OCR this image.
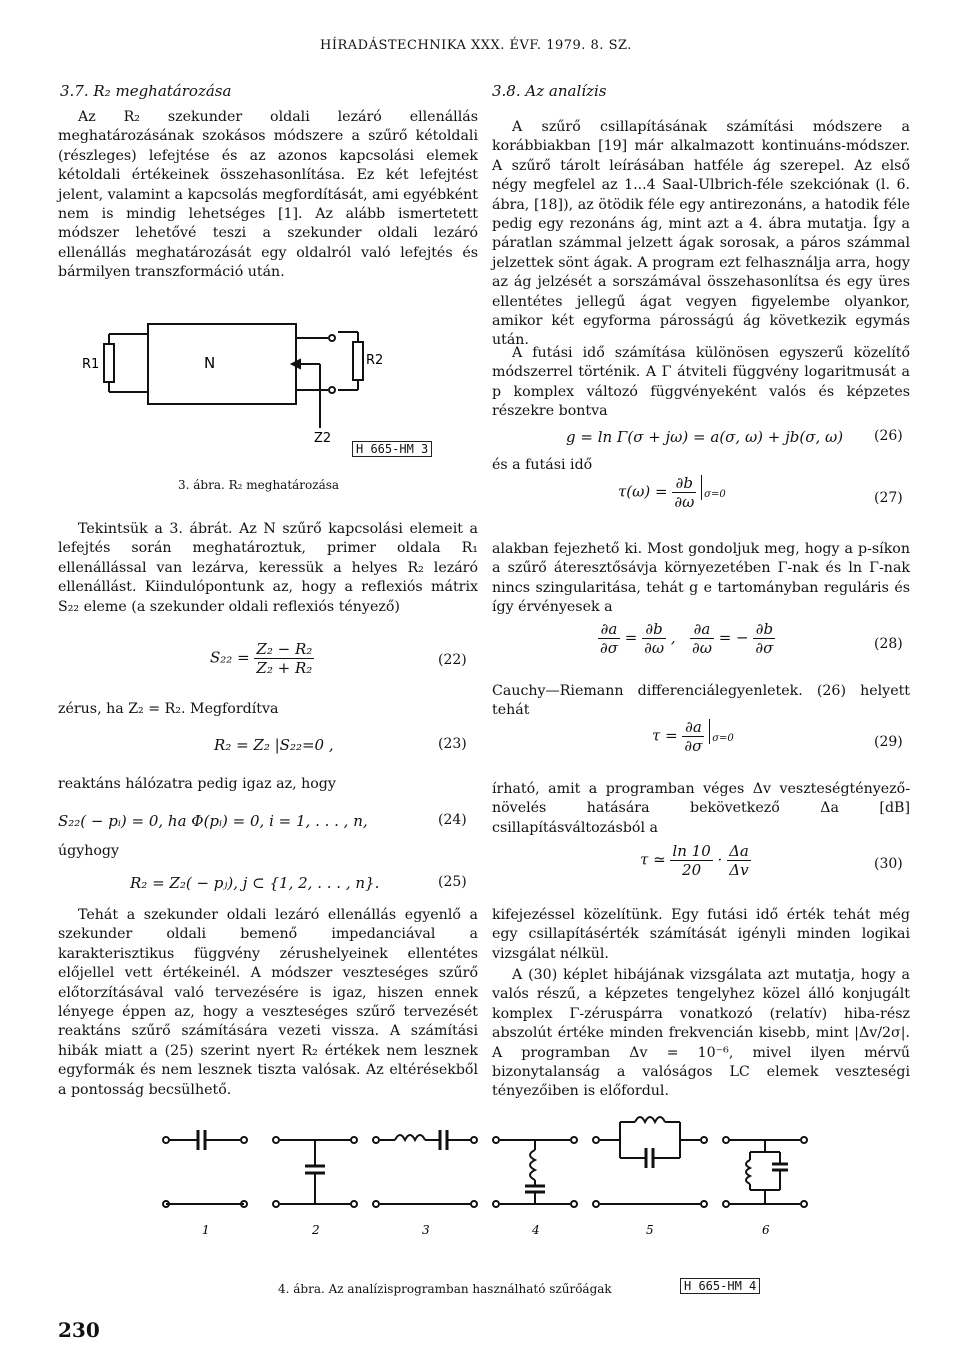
HÍRADÁSTECHNIKA XXX. ÉVF. 1979. 8. SZ.
3.7. R₂ meghatározása

Az R₂ szekunder oldali lezáró ellenállás meghatározásának szokásos módszere a szűrő kétoldali (részleges) lefejtése és az azonos kapcsolási elemek kétoldali értékeinek összehasonlítása. Ez két lefejtést jelent, valamint a kapcsolás megfordítását, ami egyébként nem is mindig lehetséges [1]. Az alább ismertetett módszer lehetővé teszi a szekunder oldali lezáró ellenállás meghatározását egy oldalról való lefejtés és bármilyen transzformáció után.

R1	N	R2
Z2
H 665-HM 3
3. ábra. R₂ meghatározása

Tekintsük a 3. ábrát. Az N szűrő kapcsolási elemeit a lefejtés során meghatároztuk, primer oldala R₁ ellenállással van lezárva, keressük a helyes R₂ lezáró ellenállást. Kiindulópontunk az, hogy a reflexiós mátrix S₂₂ eleme (a szekunder oldali reflexiós tényező)

$S_{22} = \frac{\text{Z₂ − R₂}}{\text{Z₂ + R₂}}$	(22)
zérus, ha Z₂ = R₂. Megfordítva
R₂ = Z₂ |S₂₂=0 ,	(23)
reaktáns hálózatra pedig igaz az, hogy
S₂₂( − pᵢ) = 0, ha Φ(pᵢ) = 0, i = 1, . . . , n,	(24)
úgyhogy
R₂ = Z₂( − pⱼ), j ⊂ {1, 2, . . . , n}.	(25)

Tehát a szekunder oldali lezáró ellenállás egyenlő a szekunder oldali bemenő impedanciával a karakterisztikus függvény zérushelyeinek ellentétes előjellel vett értékeinél. A módszer veszteséges szűrő előtorzításával való tervezésére is igaz, hiszen ennek lényege éppen az, hogy a veszteséges szűrő tervezését reaktáns szűrő számítására vezeti vissza. A számítási hibák miatt a (25) szerint nyert R₂ értékek nem lesznek egyformák és nem lesznek tiszta valósak. Az eltérésekből a pontosság becsülhető.

3.8. Az analízis

A szűrő csillapításának számítási módszere a korábbiakban [19] már alkalmazott kontinuáns-módszer. A szűrő tárolt leírásában hatféle ág szerepel. Az első négy megfelel az 1...4 Saal-Ulbrich-féle szekciónak (l. 6. ábra, [18]), az ötödik féle egy antirezonáns, a hatodik féle pedig egy rezonáns ág, mint azt a 4. ábra mutatja. Így a páratlan számmal jelzett ágak sorosak, a páros számmal jelzettek sönt ágak. A program ezt felhasználja arra, hogy az ág jelzését a sorszámával összehasonlítsa és egy üres ellentétes jellegű ágat vegyen figyelembe olyankor, amikor két egyforma párosságú ág következik egymás után.

A futási idő számítása különösen egyszerű közelítő módszerrel történik. A Γ átviteli függvény logaritmusát a p komplex változó függvényeként valós és képzetes részekre bontva

g = ln Γ(σ + jω) = a(σ, ω) + jb(σ, ω) (26)
és a futási idő
$\tau(\omega) = \frac{\partial b}{\partial\omega} \sigma=0$	(27)
alakban fejezhető ki. Most gondoljuk meg, hogy a p-síkon a szűrő áteresztősávja környezetében Γ-nak és ln Γ-nak nincs szingularitása, tehát g e tartományban reguláris és így érvényesek a
$\frac{\partial a}{\partial\sigma} = \frac{\partial b}{\partial\omega}$ , $\frac{\partial a}{\partial\omega}$ = − $\frac{\partial b}{\partial\sigma}$	(28)
Cauchy—Riemann differenciálegyenletek. (26) helyett tehát
$\tau = \frac{\partial a}{\partial\sigma} \sigma=0$	(29)
írható, amit a programban véges Δv veszteségtényező-növelés hatására bekövetkező Δa [dB] csillapításváltozásból a
τ ≃ $\frac{\ln 10}{20} \cdot \frac{\Delta a}{\Delta v}$	(30)
kifejezéssel közelítünk. Egy futási idő érték tehát még egy csillapításérték számítását igényli minden logikai vizsgálat nélkül.

A (30) képlet hibájának vizsgálata azt mutatja, hogy a valós részű, a képzetes tengelyhez közel álló konjugált komplex Γ-zéruspárra vonatkozó (relatív) hiba-rész abszolút értéke minden frekvencián kisebb, mint |Δv/2σ|. A programban Δv = 10⁻⁶, mivel ilyen mérvű bizonytalanság a valóságos LC elemek veszteségi tényezőiben is előfordul.

1	2	3	4	5	6
4. ábra. Az analízisprogramban használható szűrőágak	H 665-HM 4
230
